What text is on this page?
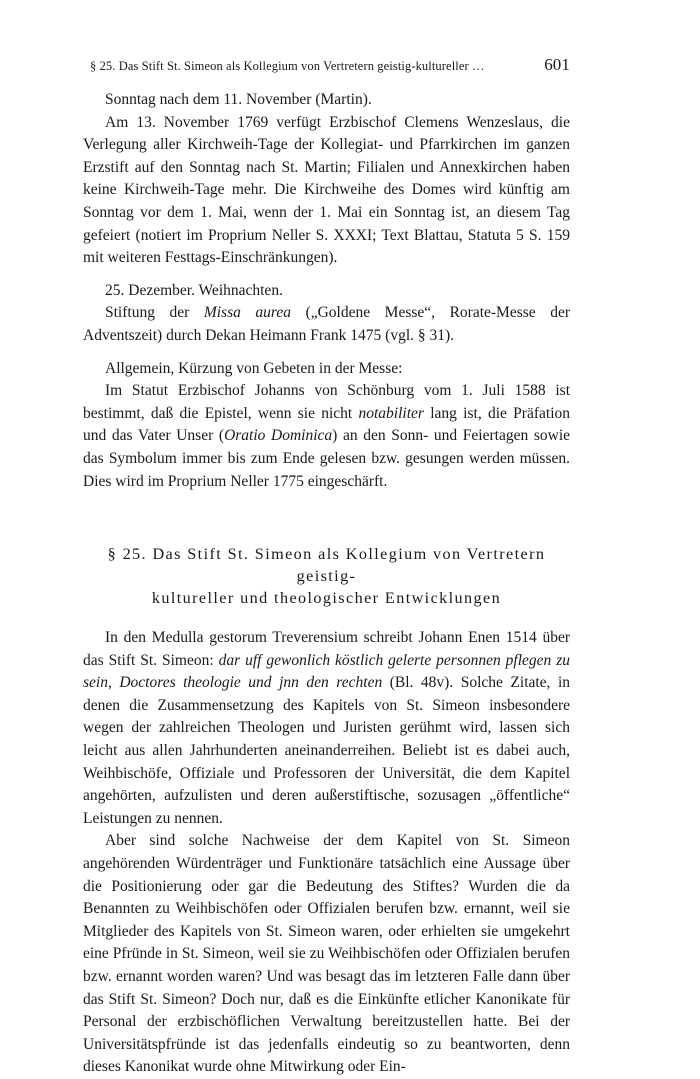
§ 25. Das Stift St. Simeon als Kollegium von Vertretern geistig-kultureller …	601

Sonntag nach dem 11. November (Martin).

Am 13. November 1769 verfügt Erzbischof Clemens Wenzeslaus, die Verlegung aller Kirchweih-Tage der Kollegiat- und Pfarrkirchen im ganzen Erzstift auf den Sonntag nach St. Martin; Filialen und Annexkirchen haben keine Kirchweih-Tage mehr. Die Kirchweihe des Domes wird künftig am Sonntag vor dem 1. Mai, wenn der 1. Mai ein Sonntag ist, an diesem Tag gefeiert (notiert im Proprium Neller S. XXXI; Text Blattau, Statuta 5 S. 159 mit weiteren Festtags-Einschränkungen).

25. Dezember. Weihnachten.

Stiftung der Missa aurea („Goldene Messe“, Rorate-Messe der Adventszeit) durch Dekan Heimann Frank 1475 (vgl. § 31).

Allgemein, Kürzung von Gebeten in der Messe:

Im Statut Erzbischof Johanns von Schönburg vom 1. Juli 1588 ist bestimmt, daß die Epistel, wenn sie nicht notabiliter lang ist, die Präfation und das Vater Unser (Oratio Dominica) an den Sonn- und Feiertagen sowie das Symbolum immer bis zum Ende gelesen bzw. gesungen werden müssen. Dies wird im Proprium Neller 1775 eingeschärft.

§ 25. Das Stift St. Simeon als Kollegium von Vertretern geistig-
kultureller und theologischer Entwicklungen

In den Medulla gestorum Treverensium schreibt Johann Enen 1514 über das Stift St. Simeon: dar uff gewonlich köstlich gelerte personnen pflegen zu sein, Doctores theologie und jnn den rechten (Bl. 48v). Solche Zitate, in denen die Zusammensetzung des Kapitels von St. Simeon insbesondere wegen der zahlreichen Theologen und Juristen gerühmt wird, lassen sich leicht aus allen Jahrhunderten aneinanderreihen. Beliebt ist es dabei auch, Weihbischöfe, Offiziale und Professoren der Universität, die dem Kapitel angehörten, aufzulisten und deren außerstiftische, sozusagen „öffentliche“ Leistungen zu nennen.

Aber sind solche Nachweise der dem Kapitel von St. Simeon angehörenden Würdenträger und Funktionäre tatsächlich eine Aussage über die Positionierung oder gar die Bedeutung des Stiftes? Wurden die da Benannten zu Weihbischöfen oder Offizialen berufen bzw. ernannt, weil sie Mitglieder des Kapitels von St. Simeon waren, oder erhielten sie umgekehrt eine Pfründe in St. Simeon, weil sie zu Weihbischöfen oder Offizialen berufen bzw. ernannt worden waren? Und was besagt das im letzteren Falle dann über das Stift St. Simeon? Doch nur, daß es die Einkünfte etlicher Kanonikate für Personal der erzbischöflichen Verwaltung bereitzustellen hatte. Bei der Universitätspfründe ist das jedenfalls eindeutig so zu beantworten, denn dieses Kanonikat wurde ohne Mitwirkung oder Ein-
